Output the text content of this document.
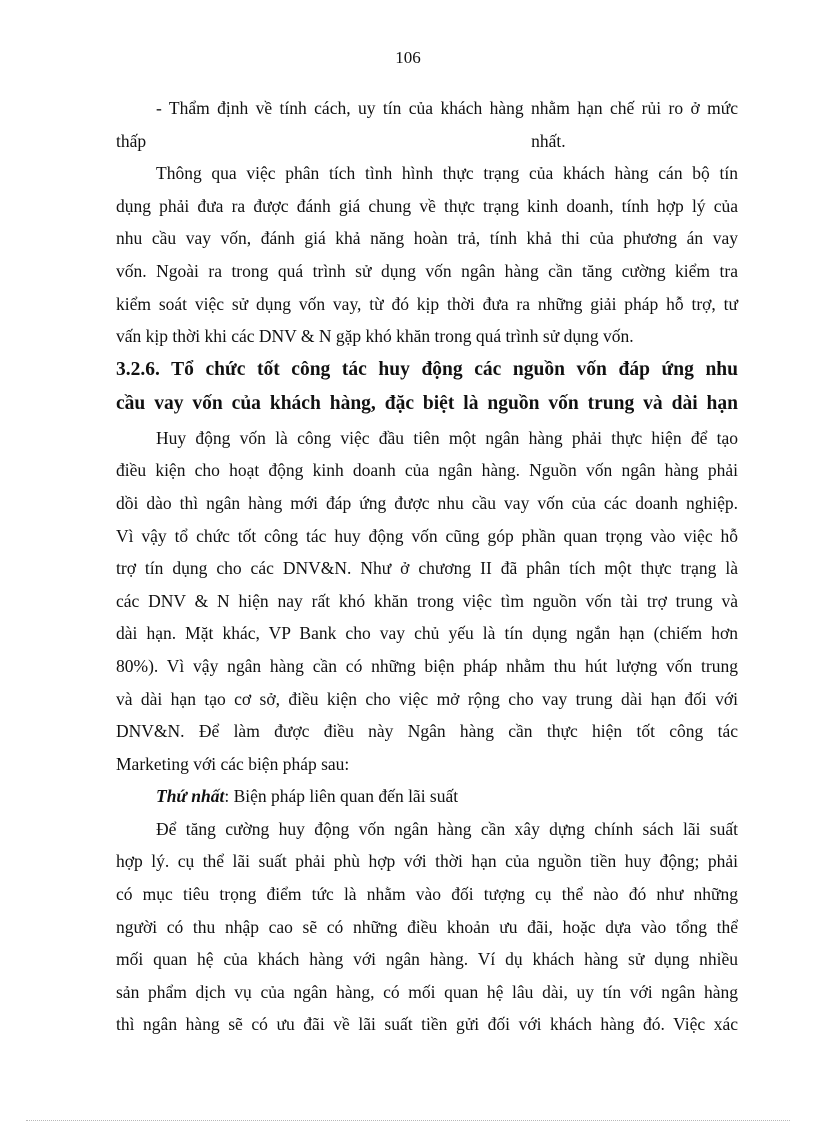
106

- Thẩm định về tính cách, uy tín của khách hàng nhằm hạn chế rủi ro ở mức

thấp                                                                                        nhất.

Thông qua việc phân tích tình hình thực trạng của khách hàng cán bộ tín

dụng phải đưa ra được đánh giá chung về thực trạng kinh doanh, tính hợp lý của

nhu cầu vay vốn, đánh giá khả năng hoàn trả, tính khả thi của phương án vay

vốn. Ngoài ra trong quá trình sử dụng vốn ngân hàng cần tăng cường kiểm tra

kiểm soát việc sử dụng vốn vay, từ đó kịp thời đưa ra những giải pháp hỗ trợ, tư

vấn kịp thời khi các DNV & N gặp khó khăn trong quá trình sử dụng vốn.

3.2.6. Tổ chức tốt công tác huy động các nguồn vốn đáp ứng nhu

cầu vay vốn của khách hàng, đặc biệt là nguồn vốn trung và dài hạn

Huy động vốn là công việc đầu tiên một ngân hàng phải thực hiện để tạo

điều kiện cho hoạt động kinh doanh của ngân hàng. Nguồn vốn ngân hàng phải

dồi dào thì ngân hàng mới đáp ứng được nhu cầu vay vốn của các doanh nghiệp.

Vì vậy tổ chức tốt công tác huy động vốn cũng góp phần quan trọng vào việc hỗ

trợ tín dụng cho các DNV&N. Như ở chương II đã phân tích một thực trạng là

các DNV & N hiện nay rất khó khăn trong việc tìm nguồn vốn tài trợ trung và

dài hạn. Mặt khác, VP Bank cho vay chủ yếu là tín dụng ngắn hạn (chiếm hơn

80%). Vì vậy ngân hàng cần có những biện pháp nhằm thu hút lượng vốn trung

và dài hạn tạo cơ sở, điều kiện cho việc mở rộng cho vay trung dài hạn đối với

DNV&N. Để làm được điều này Ngân hàng cần thực hiện tốt công tác

Marketing với các biện pháp sau:

Thứ nhất: Biện pháp liên quan đến lãi suất

Để tăng cường huy động vốn ngân hàng cần xây dựng chính sách lãi suất

hợp lý. cụ thể lãi suất phải phù hợp với thời hạn của nguồn tiền huy động; phải

có mục tiêu trọng điểm tức là nhằm vào đối tượng cụ thể nào đó như những

người có thu nhập cao sẽ có những điều khoản ưu đãi, hoặc dựa vào tổng thể

mối quan hệ của khách hàng với ngân hàng. Ví dụ khách hàng sử dụng nhiều

sản phẩm dịch vụ của ngân hàng, có mối quan hệ lâu dài, uy tín với ngân hàng

thì ngân hàng sẽ có ưu đãi về lãi suất tiền gửi đối với khách hàng đó. Việc xác
